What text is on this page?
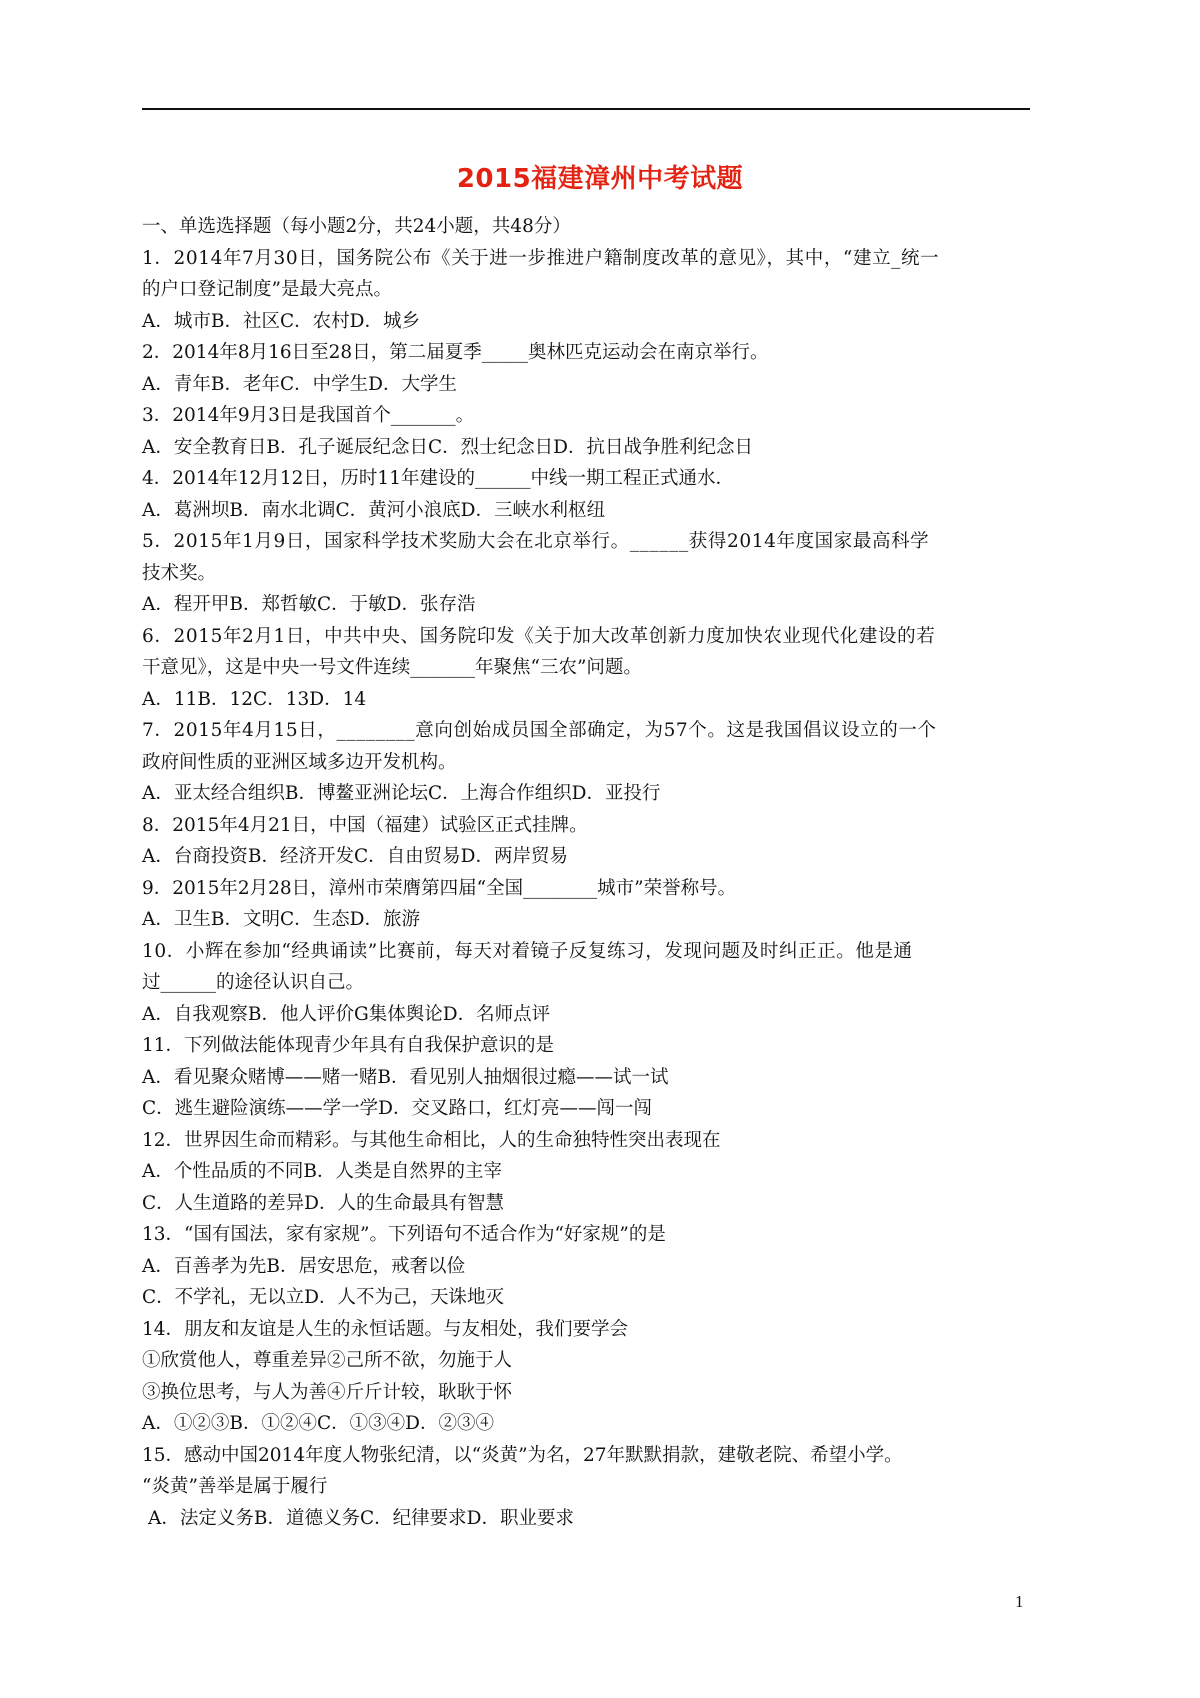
2015福建漳州中考试题
一、单选选择题（每小题2分，共24小题，共48分）
1．2014年7月30日，国务院公布《关于进一步推进户籍制度改革的意见》，其中，“建立_统一
的户口登记制度”是最大亮点。
A．城市B．社区C．农村D．城乡
2．2014年8月16日至28日，第二届夏季_____奥林匹克运动会在南京举行。
A．青年B．老年C．中学生D．大学生
3．2014年9月3日是我国首个_______。
A．安全教育日B．孔子诞辰纪念日C．烈士纪念日D．抗日战争胜利纪念日
4．2014年12月12日，历时11年建设的______中线一期工程正式通水．
A．葛洲坝B．南水北调C．黄河小浪底D．三峡水利枢纽
5．2015年1月9日，国家科学技术奖励大会在北京举行。______获得2014年度国家最高科学
技术奖。
A．程开甲B．郑哲敏C．于敏D．张存浩
6．2015年2月1日，中共中央、国务院印发《关于加大改革创新力度加快农业现代化建设的若
干意见》，这是中央一号文件连续_______年聚焦“三农”问题。
A．11B．12C．13D．14
7．2015年4月15日，________意向创始成员国全部确定，为57个。这是我国倡议设立的一个
政府间性质的亚洲区域多边开发机构。
A．亚太经合组织B．博鳌亚洲论坛C．上海合作组织D．亚投行
8．2015年4月21日，中国（福建）试验区正式挂牌。
A．台商投资B．经济开发C．自由贸易D．两岸贸易
9．2015年2月28日，漳州市荣膺第四届“全国________城市”荣誉称号。
A．卫生B．文明C．生态D．旅游
10．小辉在参加“经典诵读”比赛前，每天对着镜子反复练习，发现问题及时纠正正。他是通
过______的途径认识自己。
A．自我观察B．他人评价G集体舆论D．名师点评
11．下列做法能体现青少年具有自我保护意识的是
A．看见聚众赌博——赌一赌B．看见别人抽烟很过瘾——试一试
C．逃生避险演练——学一学D．交叉路口，红灯亮——闯一闯
12．世界因生命而精彩。与其他生命相比，人的生命独特性突出表现在
A．个性品质的不同B．人类是自然界的主宰
C．人生道路的差异D．人的生命最具有智慧
13．“国有国法，家有家规”。下列语句不适合作为“好家规”的是
A．百善孝为先B．居安思危，戒奢以俭
C．不学礼，无以立D．人不为己，天诛地灭
14．朋友和友谊是人生的永恒话题。与友相处，我们要学会
①欣赏他人，尊重差异②己所不欲，勿施于人
③换位思考，与人为善④斤斤计较，耿耿于怀
A．①②③B．①②④C．①③④D．②③④
15．感动中国2014年度人物张纪清，以“炎黄”为名，27年默默捐款，建敬老院、希望小学。
“炎黄”善举是属于履行
A．法定义务B．道德义务C．纪律要求D．职业要求
1
